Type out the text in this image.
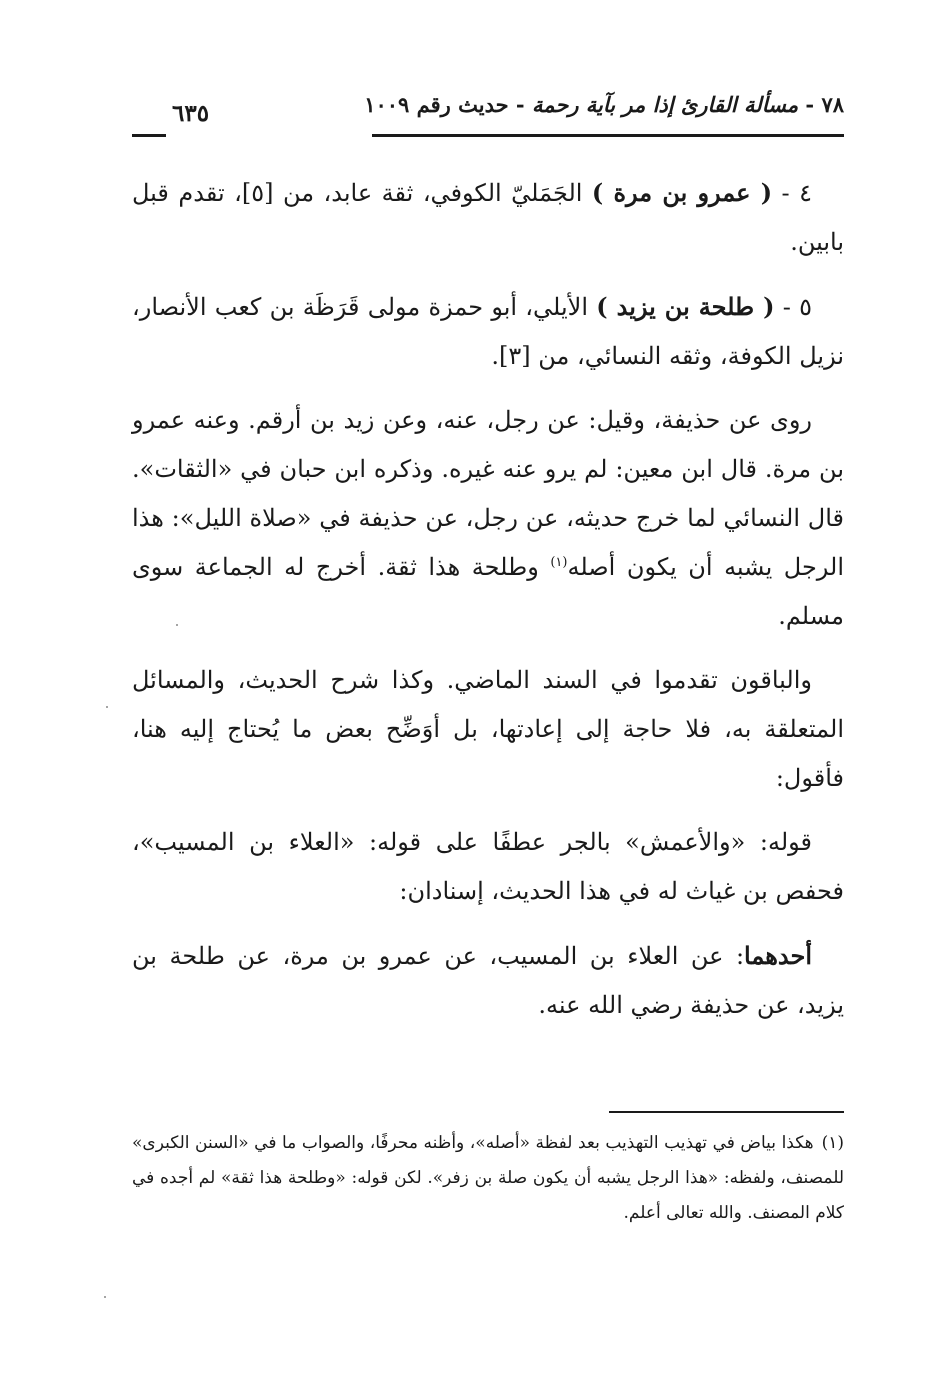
٧٨ - مسألة القارئ إذا مر بآية رحمة - حديث رقم ١٠٠٩
٦٣٥

٤ - ( عمرو بن مرة ) الجَمَليّ الكوفي، ثقة عابد، من [٥]، تقدم قبل بابين.

٥ - ( طلحة بن يزيد ) الأيلي، أبو حمزة مولى قَرَظَة بن كعب الأنصار، نزيل الكوفة، وثقه النسائي، من [٣].

روى عن حذيفة، وقيل: عن رجل، عنه، وعن زيد بن أرقم. وعنه عمرو بن مرة. قال ابن معين: لم يرو عنه غيره. وذكره ابن حبان في «الثقات». قال النسائي لما خرج حديثه، عن رجل، عن حذيفة في «صلاة الليل»: هذا الرجل يشبه أن يكون أصله$^{(١)}$ وطلحة هذا ثقة. أخرج له الجماعة سوى مسلم.

والباقون تقدموا في السند الماضي. وكذا شرح الحديث، والمسائل المتعلقة به، فلا حاجة إلى إعادتها، بل أوَضِّح بعض ما يُحتاج إليه هنا، فأقول:

قوله: «والأعمش» بالجر عطفًا على قوله: «العلاء بن المسيب»، فحفص بن غياث له في هذا الحديث، إسنادان:

أحدهما: عن العلاء بن المسيب، عن عمرو بن مرة، عن طلحة بن يزيد، عن حذيفة رضي الله عنه.

(١)هكذا بياض في تهذيب التهذيب بعد لفظة «أصله»، وأظنه محرفًا، والصواب ما في «السنن الكبرى» للمصنف، ولفظه: «هذا الرجل يشبه أن يكون صلة بن زفر». لكن قوله: «وطلحة هذا ثقة» لم أجده في كلام المصنف. والله تعالى أعلم.
